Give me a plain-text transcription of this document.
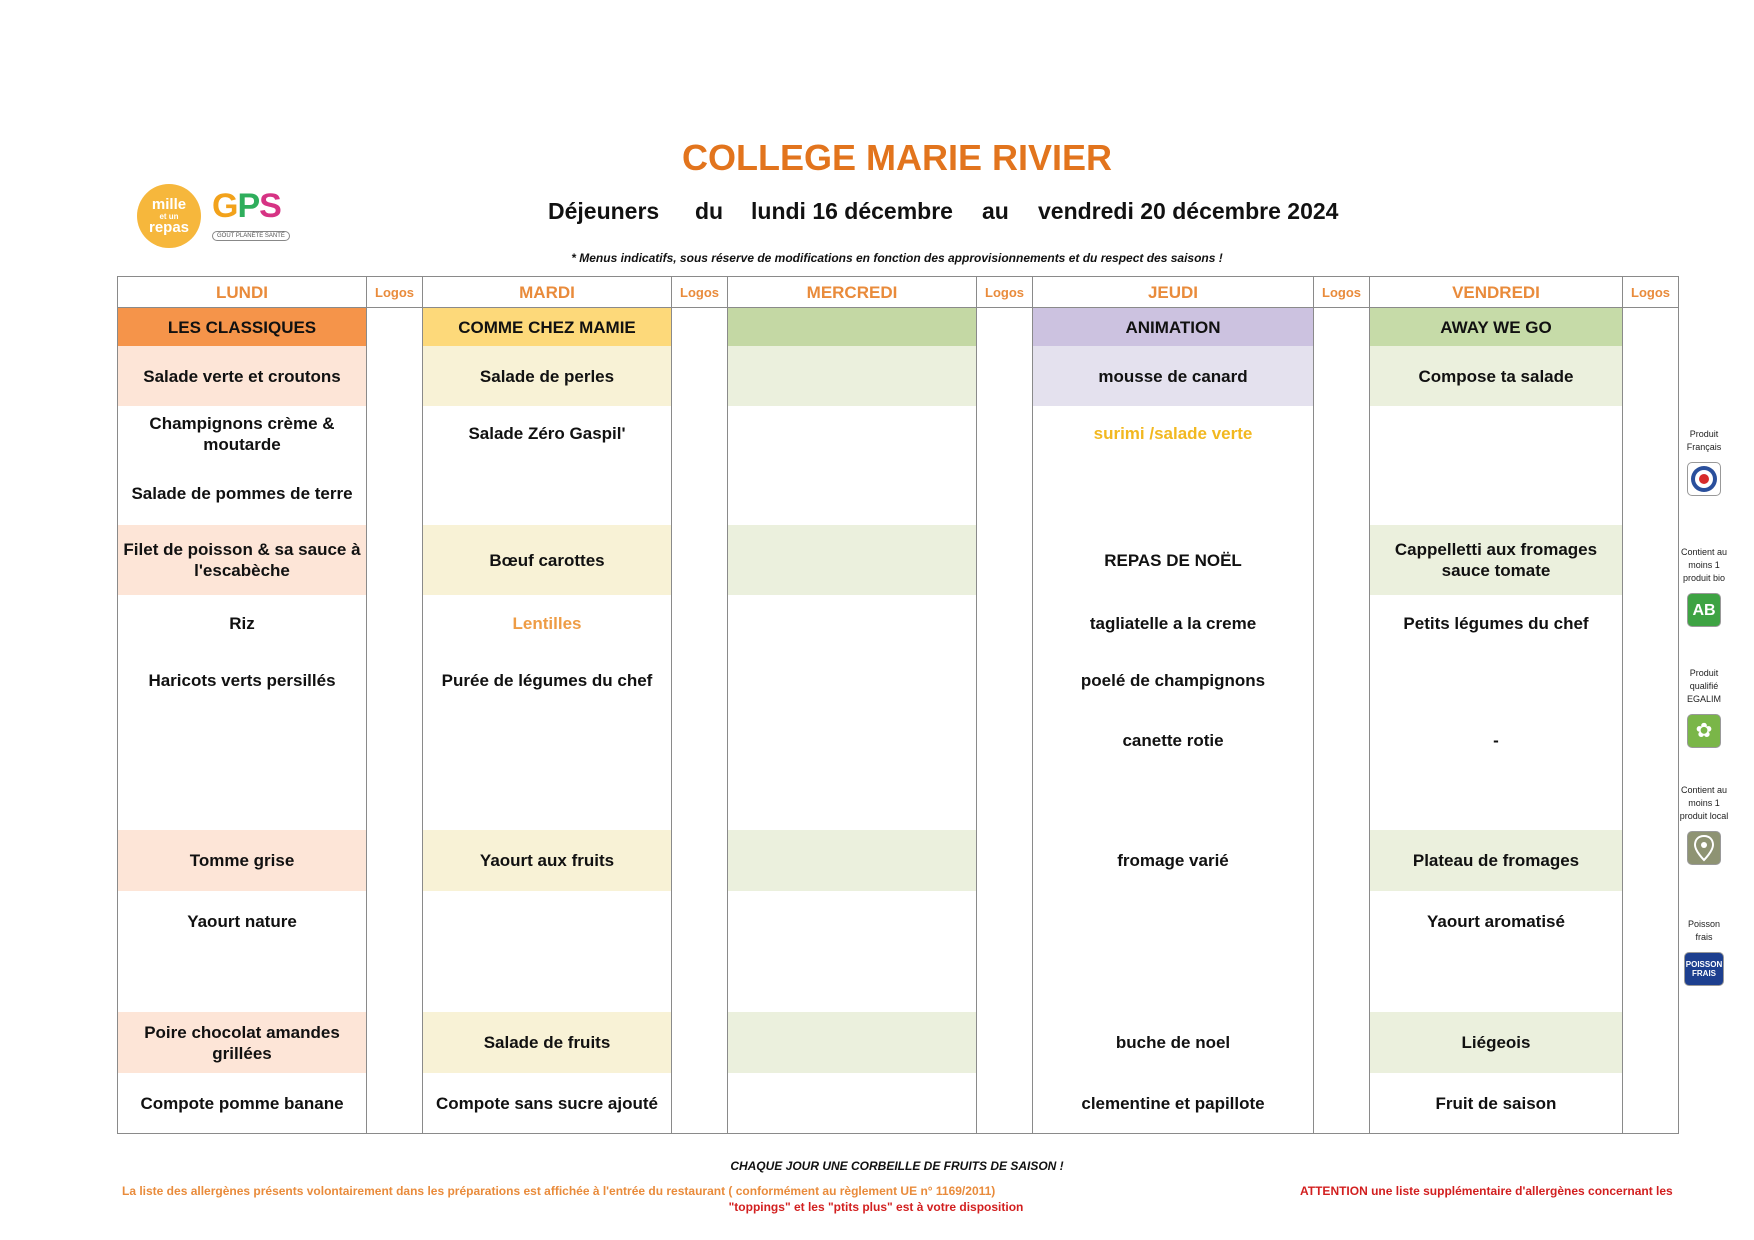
COLLEGE MARIE RIVIER
mille
et un
repas
GPS
GOÛT PLANÈTE SANTÉ
Déjeuners du lundi 16 décembre au vendredi 20 décembre 2024
* Menus indicatifs, sous réserve de modifications en fonction des approvisionnements et du respect des saisons !
LUNDI	Logos	MARDI	Logos	MERCREDI	Logos	JEUDI	Logos	VENDREDI	Logos
LES CLASSIQUES		COMME CHEZ MAMIE				ANIMATION		AWAY WE GO	
Salade verte et croutons		Salade de perles				mousse de canard		Compose ta salade	
Champignons crème & moutarde		Salade Zéro Gaspil'				surimi /salade verte			
Salade de pommes de terre									
Filet de poisson & sa sauce à l'escabèche		Bœuf carottes				REPAS DE NOËL		Cappelletti aux fromages sauce tomate	
Riz		Lentilles				tagliatelle a la creme		Petits légumes du chef	
Haricots verts persillés		Purée de légumes du chef				poelé de champignons			
						canette rotie		-	

Tomme grise		Yaourt aux fruits				fromage varié		Plateau de fromages	
Yaourt nature								Yaourt aromatisé	

Poire chocolat amandes grillées		Salade de fruits				buche de noel		Liégeois	
Compote pomme banane		Compote sans sucre ajouté				clementine et papillote		Fruit de saison	
Produit Français
Contient au moins 1 produit bio
AB
Produit qualifié EGALIM
✿
Contient au moins 1 produit local
Poisson frais
POISSON FRAIS
CHAQUE JOUR UNE CORBEILLE DE FRUITS DE SAISON !
La liste des allergènes présents volontairement dans les préparations est affichée à l'entrée du restaurant ( conformément au règlement UE n° 1169/2011)	ATTENTION une liste supplémentaire d'allergènes concernant les
"toppings" et les "ptits plus" est à votre disposition
